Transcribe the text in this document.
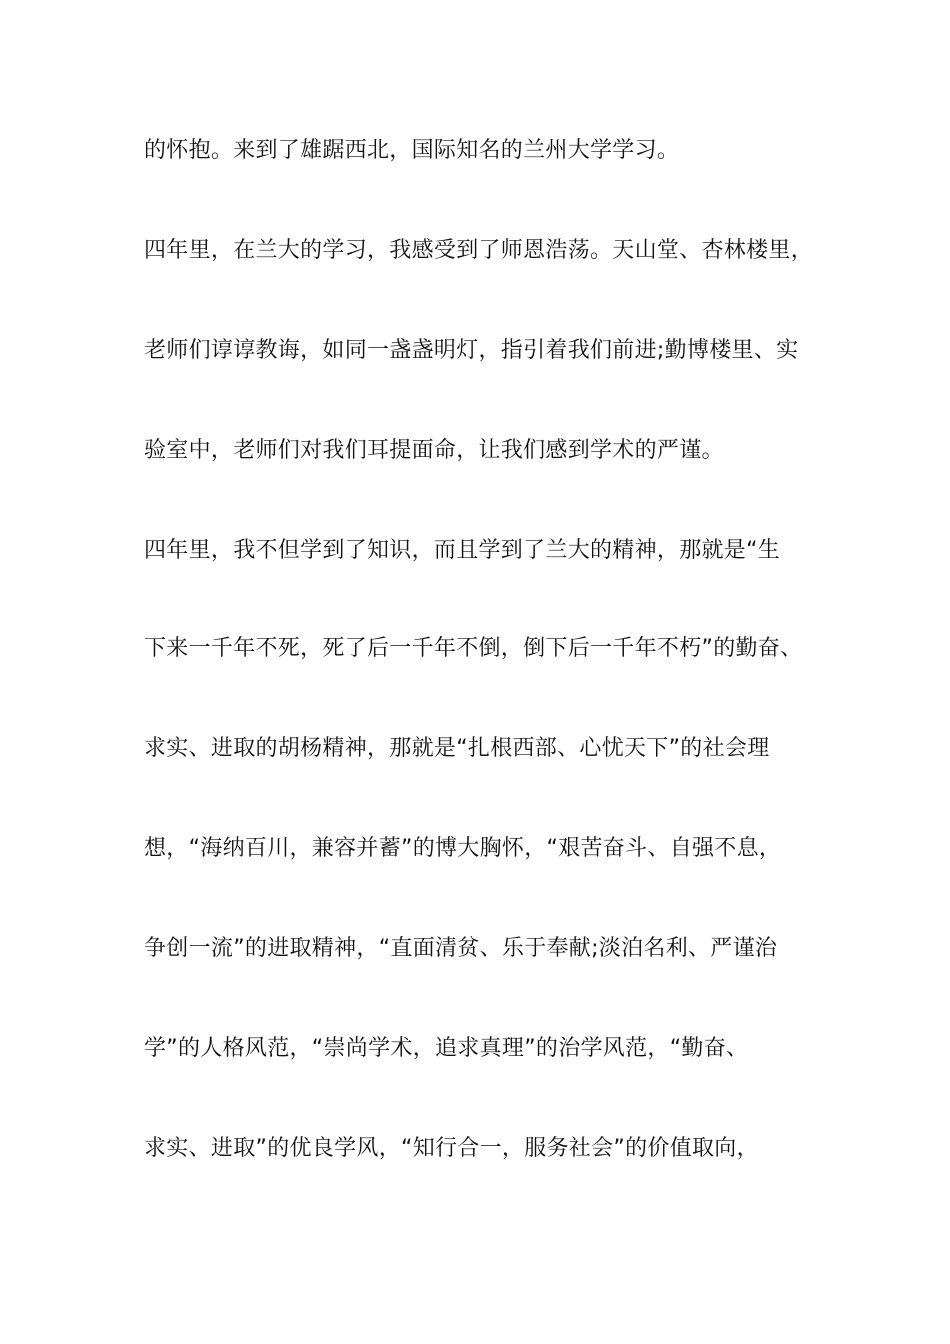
的怀抱。来到了雄踞西北，国际知名的兰州大学学习。
四年里，在兰大的学习，我感受到了师恩浩荡。天山堂、杏林楼里，
老师们谆谆教诲，如同一盏盏明灯，指引着我们前进;勤博楼里、实
验室中，老师们对我们耳提面命，让我们感到学术的严谨。
四年里，我不但学到了知识，而且学到了兰大的精神，那就是“生
下来一千年不死，死了后一千年不倒，倒下后一千年不朽”的勤奋、
求实、进取的胡杨精神，那就是“扎根西部、心忧天下”的社会理
想，“海纳百川，兼容并蓄”的博大胸怀，“艰苦奋斗、自强不息，
争创一流”的进取精神，“直面清贫、乐于奉献;淡泊名利、严谨治
学”的人格风范，“崇尚学术，追求真理”的治学风范，“勤奋、
求实、进取”的优良学风，“知行合一，服务社会”的价值取向，
